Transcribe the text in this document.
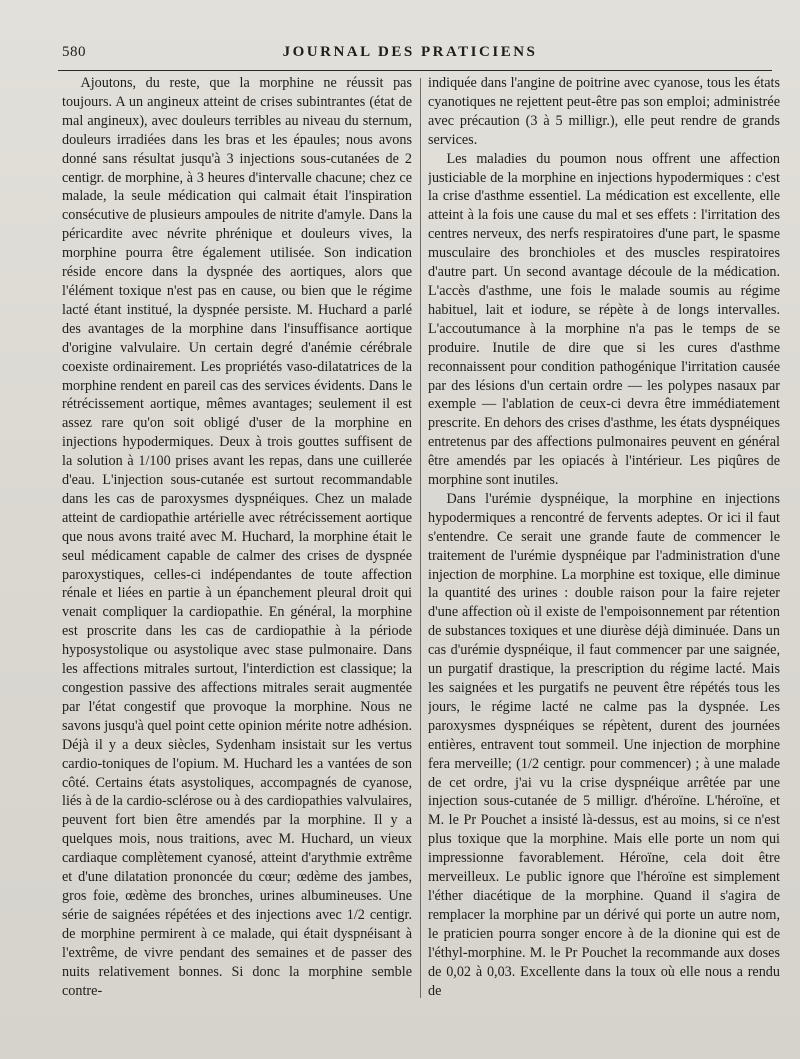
580	JOURNAL DES PRATICIENS

Ajoutons, du reste, que la morphine ne réussit pas toujours. A un angineux atteint de crises subintrantes (état de mal angineux), avec douleurs terribles au niveau du sternum, douleurs irradiées dans les bras et les épaules; nous avons donné sans résultat jusqu'à 3 injections sous-cutanées de 2 centigr. de morphine, à 3 heures d'intervalle chacune; chez ce malade, la seule médication qui calmait était l'inspiration consécutive de plusieurs ampoules de nitrite d'amyle. Dans la péricardite avec névrite phrénique et douleurs vives, la morphine pourra être également utilisée. Son indication réside encore dans la dyspnée des aortiques, alors que l'élément toxique n'est pas en cause, ou bien que le régime lacté étant institué, la dyspnée persiste. M. Huchard a parlé des avantages de la morphine dans l'insuffisance aortique d'origine valvulaire. Un certain degré d'anémie cérébrale coexiste ordinairement. Les propriétés vaso-dilatatrices de la morphine rendent en pareil cas des services évidents. Dans le rétrécissement aortique, mêmes avantages; seulement il est assez rare qu'on soit obligé d'user de la morphine en injections hypodermiques. Deux à trois gouttes suffisent de la solution à 1/100 prises avant les repas, dans une cuillerée d'eau. L'injection sous-cutanée est surtout recommandable dans les cas de paroxysmes dyspnéiques. Chez un malade atteint de cardiopathie artérielle avec rétrécissement aortique que nous avons traité avec M. Huchard, la morphine était le seul médicament capable de calmer des crises de dyspnée paroxystiques, celles-ci indépendantes de toute affection rénale et liées en partie à un épanchement pleural droit qui venait compliquer la cardiopathie. En général, la morphine est proscrite dans les cas de cardiopathie à la période hyposystolique ou asystolique avec stase pulmonaire. Dans les affections mitrales surtout, l'interdiction est classique; la congestion passive des affections mitrales serait augmentée par l'état congestif que provoque la morphine. Nous ne savons jusqu'à quel point cette opinion mérite notre adhésion. Déjà il y a deux siècles, Sydenham insistait sur les vertus cardio-toniques de l'opium. M. Huchard les a vantées de son côté. Certains états asystoliques, accompagnés de cyanose, liés à de la cardio-sclérose ou à des cardiopathies valvulaires, peuvent fort bien être amendés par la morphine. Il y a quelques mois, nous traitions, avec M. Huchard, un vieux cardiaque complètement cyanosé, atteint d'arythmie extrême et d'une dilatation prononcée du cœur; œdème des jambes, gros foie, œdème des bronches, urines albumineuses. Une série de saignées répétées et des injections avec 1/2 centigr. de morphine permirent à ce malade, qui était dyspnéisant à l'extrême, de vivre pendant des semaines et de passer des nuits relativement bonnes. Si donc la morphine semble contre-

indiquée dans l'angine de poitrine avec cyanose, tous les états cyanotiques ne rejettent peut-être pas son emploi; administrée avec précaution (3 à 5 milligr.), elle peut rendre de grands services.

Les maladies du poumon nous offrent une affection justiciable de la morphine en injections hypodermiques : c'est la crise d'asthme essentiel. La médication est excellente, elle atteint à la fois une cause du mal et ses effets : l'irritation des centres nerveux, des nerfs respiratoires d'une part, le spasme musculaire des bronchioles et des muscles respiratoires d'autre part. Un second avantage découle de la médication. L'accès d'asthme, une fois le malade soumis au régime habituel, lait et iodure, se répète à de longs intervalles. L'accoutumance à la morphine n'a pas le temps de se produire. Inutile de dire que si les cures d'asthme reconnaissent pour condition pathogénique l'irritation causée par des lésions d'un certain ordre — les polypes nasaux par exemple — l'ablation de ceux-ci devra être immédiatement prescrite. En dehors des crises d'asthme, les états dyspnéiques entretenus par des affections pulmonaires peuvent en général être amendés par les opiacés à l'intérieur. Les piqûres de morphine sont inutiles.

Dans l'urémie dyspnéique, la morphine en injections hypodermiques a rencontré de fervents adeptes. Or ici il faut s'entendre. Ce serait une grande faute de commencer le traitement de l'urémie dyspnéique par l'administration d'une injection de morphine. La morphine est toxique, elle diminue la quantité des urines : double raison pour la faire rejeter d'une affection où il existe de l'empoisonnement par rétention de substances toxiques et une diurèse déjà diminuée. Dans un cas d'urémie dyspnéique, il faut commencer par une saignée, un purgatif drastique, la prescription du régime lacté. Mais les saignées et les purgatifs ne peuvent être répétés tous les jours, le régime lacté ne calme pas la dyspnée. Les paroxysmes dyspnéiques se répètent, durent des journées entières, entravent tout sommeil. Une injection de morphine fera merveille; (1/2 centigr. pour commencer) ; à une malade de cet ordre, j'ai vu la crise dyspnéique arrêtée par une injection sous-cutanée de 5 milligr. d'héroïne. L'héroïne, et M. le Pr Pouchet a insisté là-dessus, est au moins, si ce n'est plus toxique que la morphine. Mais elle porte un nom qui impressionne favorablement. Héroïne, cela doit être merveilleux. Le public ignore que l'héroïne est simplement l'éther diacétique de la morphine. Quand il s'agira de remplacer la morphine par un dérivé qui porte un autre nom, le praticien pourra songer encore à de la dionine qui est de l'éthyl-morphine. M. le Pr Pouchet la recommande aux doses de 0,02 à 0,03. Excellente dans la toux où elle nous a rendu de
